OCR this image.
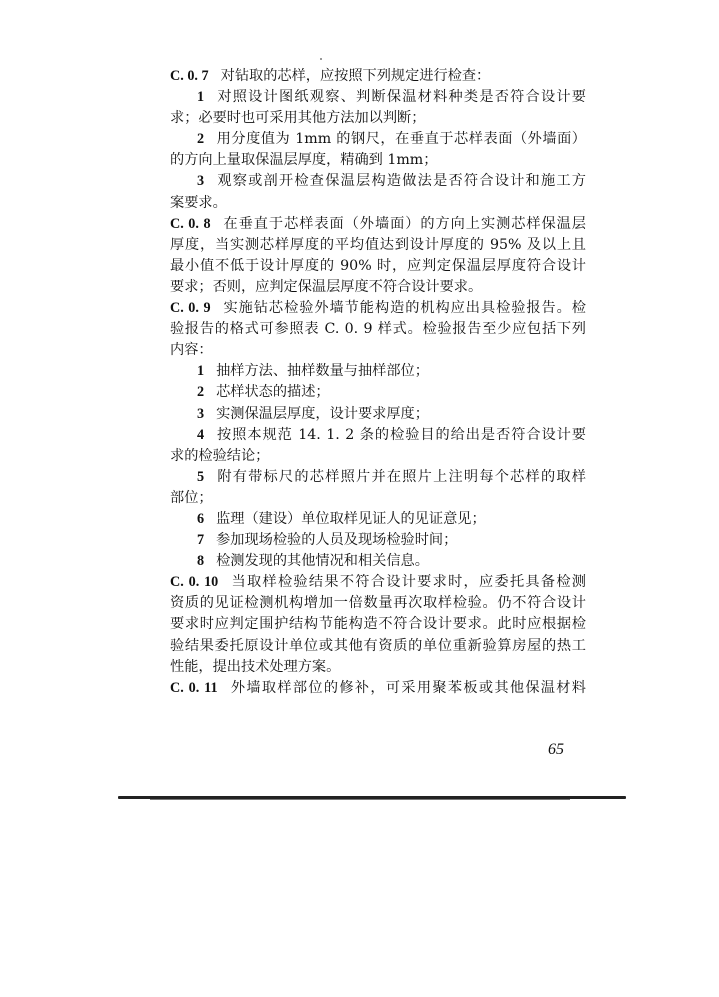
C. 0. 7 对钻取的芯样，应按照下列规定进行检查：
1 对照设计图纸观察、判断保温材料种类是否符合设计要
求；必要时也可采用其他方法加以判断；
2 用分度值为 1mm 的钢尺，在垂直于芯样表面（外墙面）
的方向上量取保温层厚度，精确到 1mm；
3 观察或剖开检查保温层构造做法是否符合设计和施工方
案要求。
C. 0. 8 在垂直于芯样表面（外墙面）的方向上实测芯样保温层
厚度，当实测芯样厚度的平均值达到设计厚度的 95% 及以上且
最小值不低于设计厚度的 90% 时，应判定保温层厚度符合设计
要求；否则，应判定保温层厚度不符合设计要求。
C. 0. 9 实施钻芯检验外墙节能构造的机构应出具检验报告。检
验报告的格式可参照表 C. 0. 9 样式。检验报告至少应包括下列
内容：
1 抽样方法、抽样数量与抽样部位；
2 芯样状态的描述；
3 实测保温层厚度，设计要求厚度；
4 按照本规范 14. 1. 2 条的检验目的给出是否符合设计要
求的检验结论；
5 附有带标尺的芯样照片并在照片上注明每个芯样的取样
部位；
6 监理（建设）单位取样见证人的见证意见；
7 参加现场检验的人员及现场检验时间；
8 检测发现的其他情况和相关信息。
C. 0. 10 当取样检验结果不符合设计要求时，应委托具备检测
资质的见证检测机构增加一倍数量再次取样检验。仍不符合设计
要求时应判定围护结构节能构造不符合设计要求。此时应根据检
验结果委托原设计单位或其他有资质的单位重新验算房屋的热工
性能，提出技术处理方案。
C. 0. 11 外墙取样部位的修补，可采用聚苯板或其他保温材料
65
